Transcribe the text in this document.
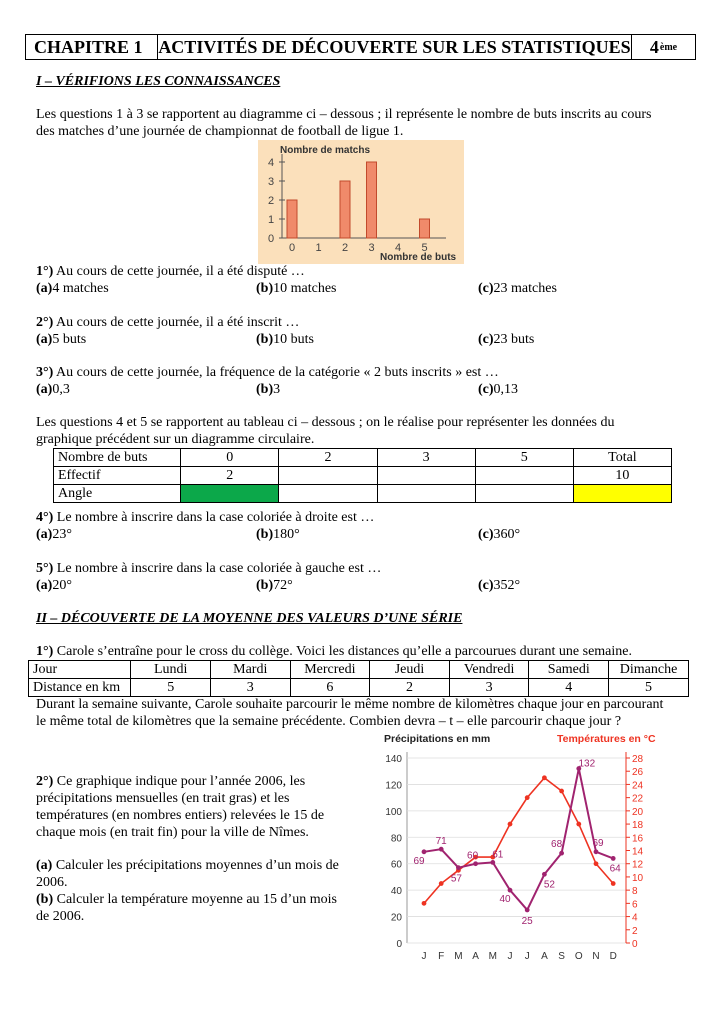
CHAPITRE 1 ACTIVITÉS DE DÉCOUVERTE SUR LES STATISTIQUES 4 ème
I – VÉRIFIONS LES CONNAISSANCES
Les questions 1 à 3 se rapportent au diagramme ci – dessous ; il représente le nombre de buts inscrits au cours
des matches d’une journée de championnat de football de ligue 1.
0
1
2
3
4
Nombre de matchs
0 1 2 3 4 5
Nombre de buts
1°) Au cours de cette journée, il a été disputé …
(a) 4 matches	(b) 10 matches	(c) 23 matches
2°) Au cours de cette journée, il a été inscrit …
(a) 5 buts	(b) 10 buts	(c) 23 buts
3°) Au cours de cette journée, la fréquence de la catégorie « 2 buts inscrits » est …
(a) 0,3	(b) 3	(c) 0,13
Les questions 4 et 5 se rapportent au tableau ci – dessous ; on le réalise pour représenter les données du
graphique précédent sur un diagramme circulaire.
Nombre de buts	0	2	3	5	Total
Effectif	2				10
Angle					
4°) Le nombre à inscrire dans la case coloriée à droite est …
(a) 23°	(b) 180°	(c) 360°
5°) Le nombre à inscrire dans la case coloriée à gauche est …
(a) 20°	(b) 72°	(c) 352°
II – DÉCOUVERTE DE LA MOYENNE DES VALEURS D’UNE SÉRIE
1°) Carole s’entraîne pour le cross du collège. Voici les distances qu’elle a parcourues durant une semaine.
Jour	Lundi	Mardi	Mercredi	Jeudi	Vendredi	Samedi	Dimanche
Distance en km	5	3	6	2	3	4	5
Durant la semaine suivante, Carole souhaite parcourir le même nombre de kilomètres chaque jour en parcourant
le même total de kilomètres que la semaine précédente. Combien devra – t – elle parcourir chaque jour ?
2°) Ce graphique indique pour l’année 2006, les
précipitations mensuelles (en trait gras) et les
températures (en nombres entiers) relevées le 15 de
chaque mois (en trait fin) pour la ville de Nîmes.
(a) Calculer les précipitations moyennes d’un mois de
2006.
(b) Calculer la température moyenne au 15 d’un mois
de 2006.
0
20
40
60
80
100
120
140
0
2
4
6
8
10
12
14
16
18
20
22
24
26
28
Précipitations en mm	Températures en °C
J F M A M J J A S O N D
69
71
57
60 61
40
25
52
68
132
69
64
